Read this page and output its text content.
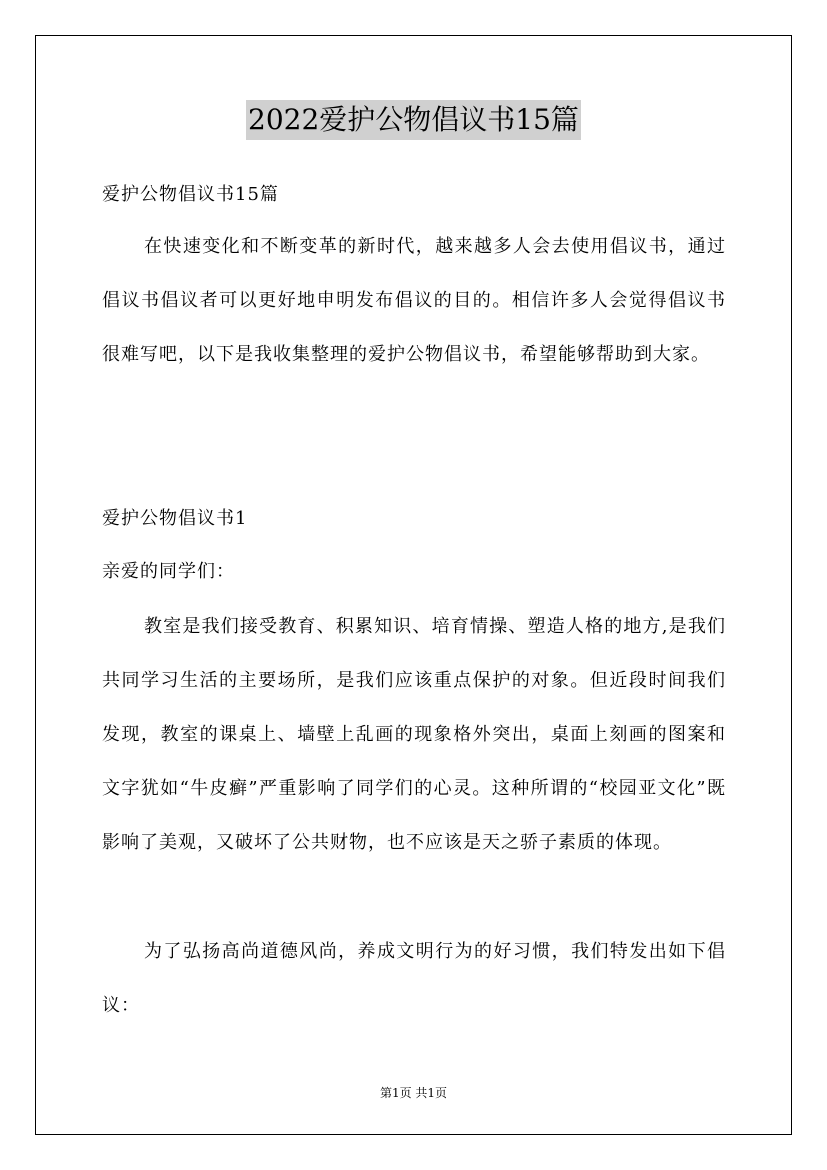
2022爱护公物倡议书15篇
爱护公物倡议书15篇

在快速变化和不断变革的新时代，越来越多人会去使用倡议书，通过倡议书倡议者可以更好地申明发布倡议的目的。相信许多人会觉得倡议书很难写吧，以下是我收集整理的爱护公物倡议书，希望能够帮助到大家。

爱护公物倡议书1
亲爱的同学们：

教室是我们接受教育、积累知识、培育情操、塑造人格的地方,是我们共同学习生活的主要场所，是我们应该重点保护的对象。但近段时间我们发现，教室的课桌上、墙壁上乱画的现象格外突出，桌面上刻画的图案和文字犹如“牛皮癣”严重影响了同学们的心灵。这种所谓的“校园亚文化”既影响了美观，又破坏了公共财物，也不应该是天之骄子素质的体现。

为了弘扬高尚道德风尚，养成文明行为的好习惯，我们特发出如下倡议：

第1页 共1页
